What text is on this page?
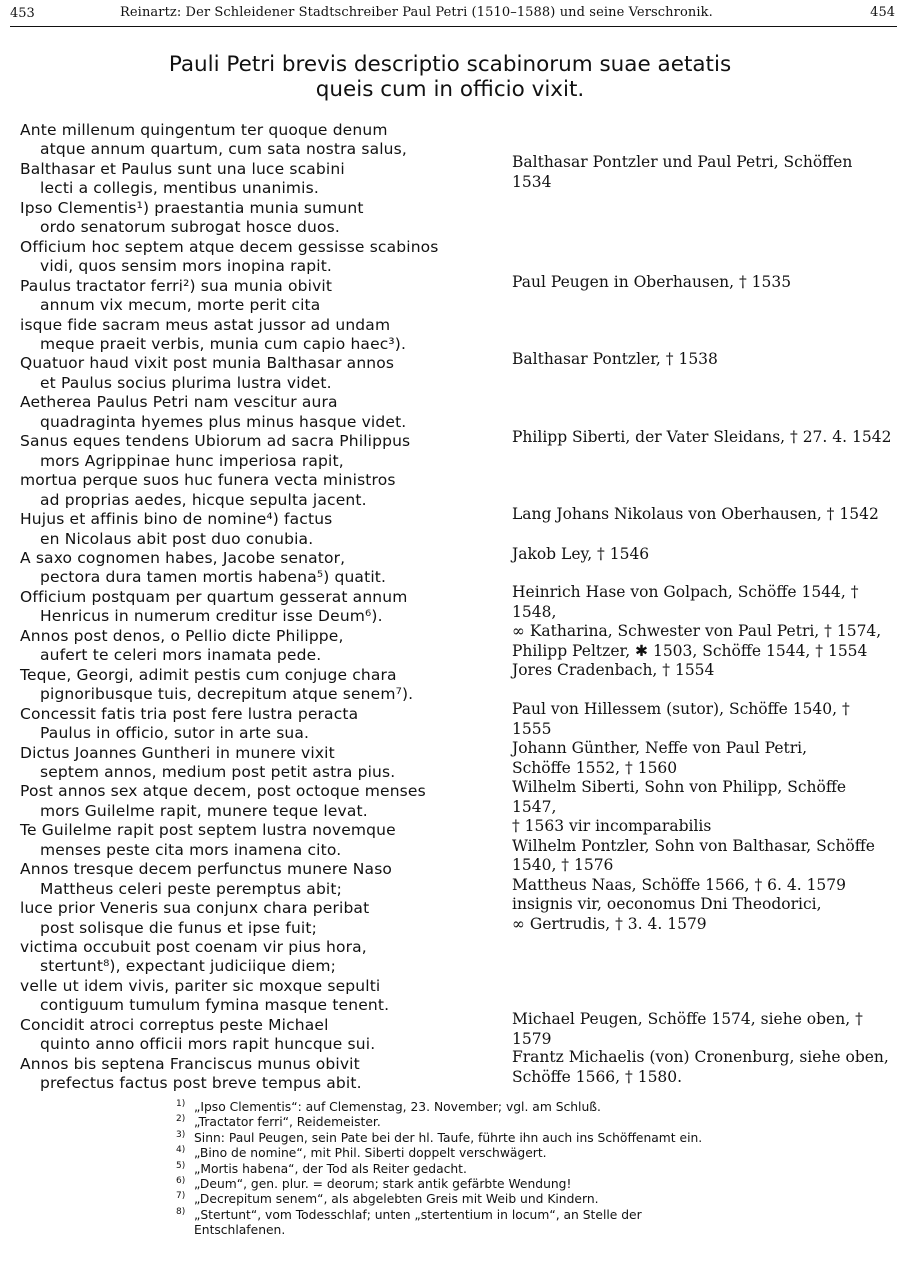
453	Reinartz: Der Schleidener Stadtschreiber Paul Petri (1510–1588) und seine Verschronik.	454
Pauli Petri brevis descriptio scabinorum suae aetatis
queis cum in officio vixit.
Ante millenum quingentum ter quoque denum
atque annum quartum, cum sata nostra salus,
Balthasar et Paulus sunt una luce scabini
lecti a collegis, mentibus unanimis.
Ipso Clementis¹) praestantia munia sumunt
ordo senatorum subrogat hosce duos.
Officium hoc septem atque decem gessisse scabinos
vidi, quos sensim mors inopina rapit.
Paulus tractator ferri²) sua munia obivit
annum vix mecum, morte perit cita
isque fide sacram meus astat jussor ad undam
meque praeit verbis, munia cum capio haec³).
Quatuor haud vixit post munia Balthasar annos
et Paulus socius plurima lustra videt.
Aetherea Paulus Petri nam vescitur aura
quadraginta hyemes plus minus hasque videt.
Sanus eques tendens Ubiorum ad sacra Philippus
mors Agrippinae hunc imperiosa rapit,
mortua perque suos huc funera vecta ministros
ad proprias aedes, hicque sepulta jacent.
Hujus et affinis bino de nomine⁴) factus
en Nicolaus abit post duo conubia.
A saxo cognomen habes, Jacobe senator,
pectora dura tamen mortis habena⁵) quatit.
Officium postquam per quartum gesserat annum
Henricus in numerum creditur isse Deum⁶).
Annos post denos, o Pellio dicte Philippe,
aufert te celeri mors inamata pede.
Teque, Georgi, adimit pestis cum conjuge chara
pignoribusque tuis, decrepitum atque senem⁷).
Concessit fatis tria post fere lustra peracta
Paulus in officio, sutor in arte sua.
Dictus Joannes Guntheri in munere vixit
septem annos, medium post petit astra pius.
Post annos sex atque decem, post octoque menses
mors Guilelme rapit, munere teque levat.
Te Guilelme rapit post septem lustra novemque
menses peste cita mors inamena cito.
Annos tresque decem perfunctus munere Naso
Mattheus celeri peste peremptus abit;
luce prior Veneris sua conjunx chara peribat
post solisque die funus et ipse fuit;
victima occubuit post coenam vir pius hora,
stertunt⁸), expectant judiciique diem;
velle ut idem vivis, pariter sic moxque sepulti
contiguum tumulum fymina masque tenent.
Concidit atroci correptus peste Michael
quinto anno officii mors rapit huncque sui.
Annos bis septena Franciscus munus obivit
prefectus factus post breve tempus abit.
Balthasar Pontzler und Paul Petri, Schöffen
1534
Paul Peugen in Oberhausen, † 1535
Balthasar Pontzler, † 1538
Philipp Siberti, der Vater Sleidans, † 27. 4. 1542
Lang Johans Nikolaus von Oberhausen, † 1542
Jakob Ley, † 1546
Heinrich Hase von Golpach, Schöffe 1544, † 1548,
∞ Katharina, Schwester von Paul Petri, † 1574,
Philipp Peltzer, ✱ 1503, Schöffe 1544, † 1554
Jores Cradenbach, † 1554
Paul von Hillessem (sutor), Schöffe 1540, † 1555
Johann Günther, Neffe von Paul Petri,
Schöffe 1552, † 1560
Wilhelm Siberti, Sohn von Philipp, Schöffe 1547,
† 1563 vir incomparabilis
Wilhelm Pontzler, Sohn von Balthasar, Schöffe
1540, † 1576
Mattheus Naas, Schöffe 1566, † 6. 4. 1579
insignis vir, oeconomus Dni Theodorici,
∞ Gertrudis, † 3. 4. 1579
Michael Peugen, Schöffe 1574, siehe oben, † 1579
Frantz Michaelis (von) Cronenburg, siehe oben,
Schöffe 1566, † 1580.
1) „Ipso Clementis“: auf Clemenstag, 23. November; vgl. am Schluß.
2) „Tractator ferri“, Reidemeister.
3) Sinn: Paul Peugen, sein Pate bei der hl. Taufe, führte ihn auch ins Schöffenamt ein.
4) „Bino de nomine“, mit Phil. Siberti doppelt verschwägert.
5) „Mortis habena“, der Tod als Reiter gedacht.
6) „Deum“, gen. plur. = deorum; stark antik gefärbte Wendung!
7) „Decrepitum senem“, als abgelebten Greis mit Weib und Kindern.
8) „Stertunt“, vom Todesschlaf; unten „stertentium in locum“, an Stelle der
Entschlafenen.
